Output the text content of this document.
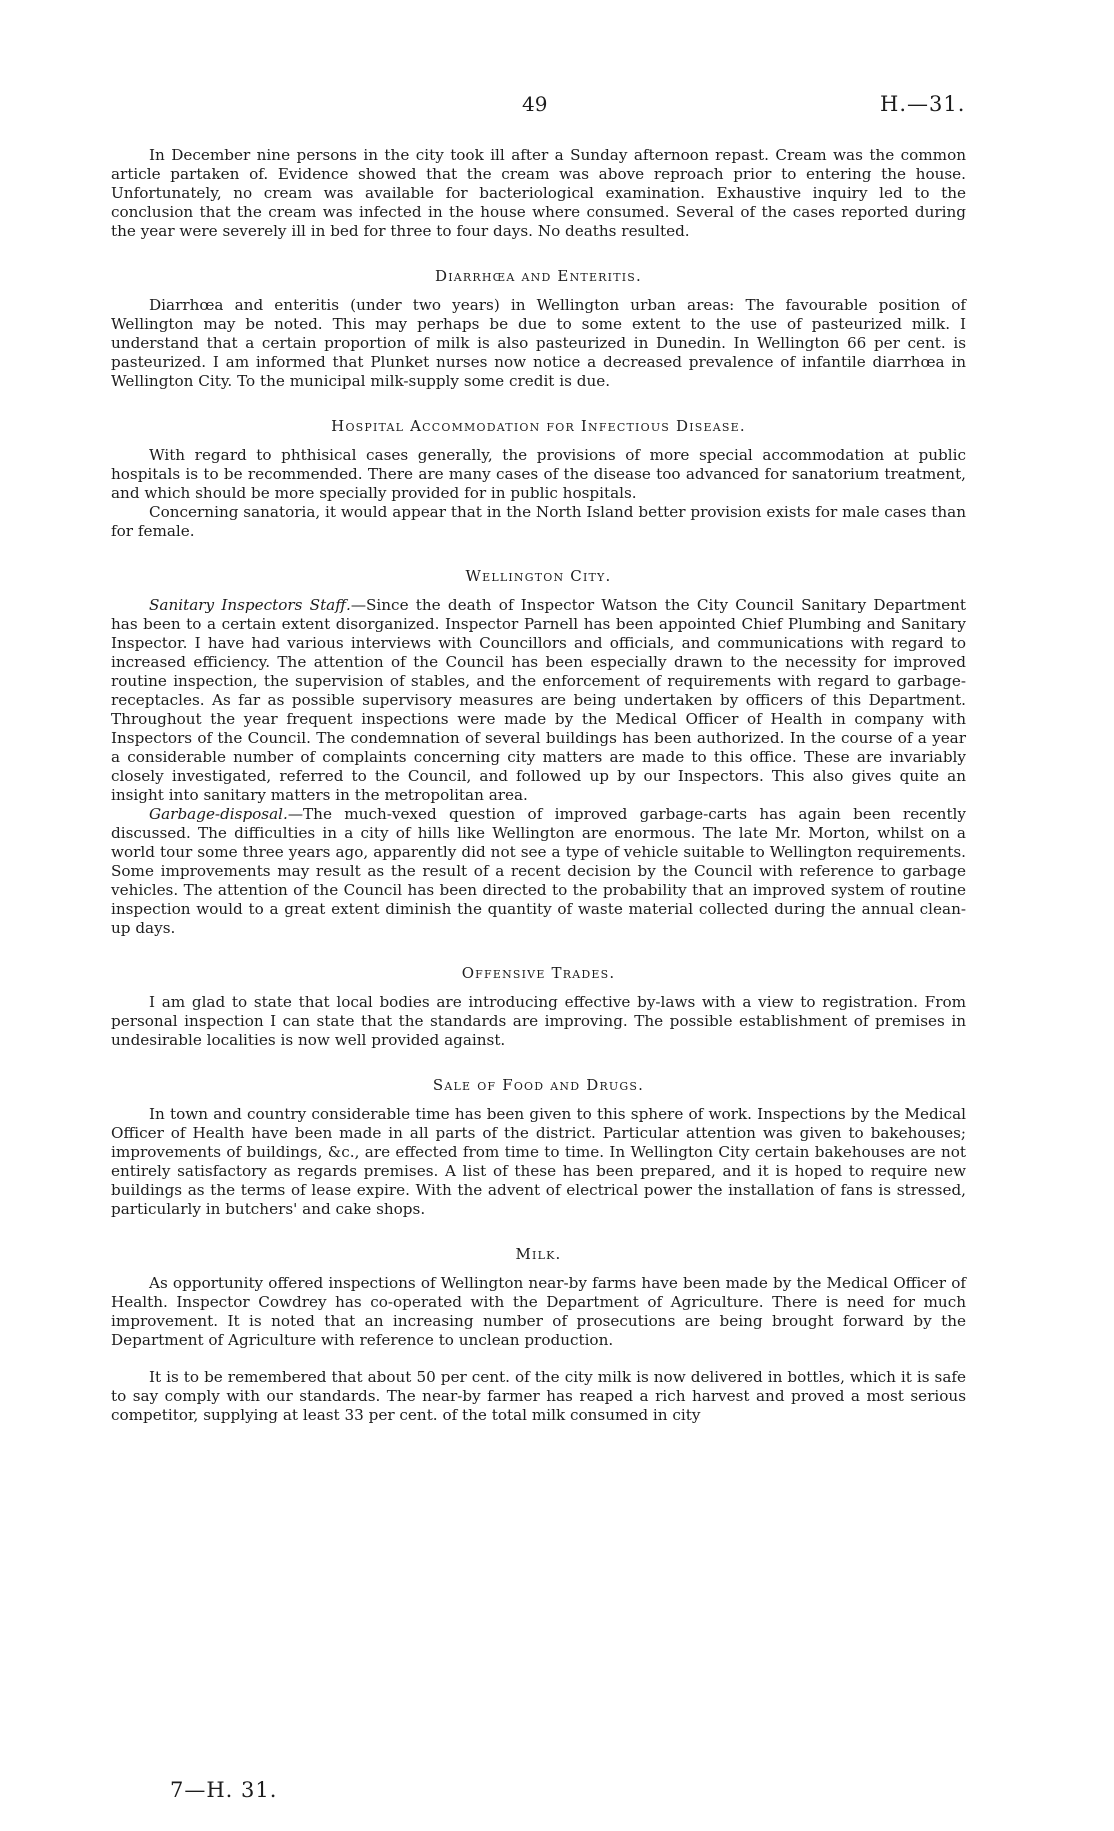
49	H.—31.

In December nine persons in the city took ill after a Sunday afternoon repast. Cream was the common article partaken of. Evidence showed that the cream was above reproach prior to entering the house. Unfortunately, no cream was available for bacteriological examination. Exhaustive inquiry led to the conclusion that the cream was infected in the house where consumed. Several of the cases reported during the year were severely ill in bed for three to four days. No deaths resulted.

Diarrhœa and Enteritis.

Diarrhœa and enteritis (under two years) in Wellington urban areas: The favourable position of Wellington may be noted. This may perhaps be due to some extent to the use of pasteurized milk. I understand that a certain proportion of milk is also pasteurized in Dunedin. In Wellington 66 per cent. is pasteurized. I am informed that Plunket nurses now notice a decreased prevalence of infantile diarrhœa in Wellington City. To the municipal milk-supply some credit is due.

Hospital Accommodation for Infectious Disease.

With regard to phthisical cases generally, the provisions of more special accommodation at public hospitals is to be recommended. There are many cases of the disease too advanced for sanatorium treatment, and which should be more specially provided for in public hospitals.

Concerning sanatoria, it would appear that in the North Island better provision exists for male cases than for female.

Wellington City.

Sanitary Inspectors Staff.—Since the death of Inspector Watson the City Council Sanitary Department has been to a certain extent disorganized. Inspector Parnell has been appointed Chief Plumbing and Sanitary Inspector. I have had various interviews with Councillors and officials, and communications with regard to increased efficiency. The attention of the Council has been especially drawn to the necessity for improved routine inspection, the supervision of stables, and the enforcement of requirements with regard to garbage-receptacles. As far as possible supervisory measures are being undertaken by officers of this Department. Throughout the year frequent inspections were made by the Medical Officer of Health in company with Inspectors of the Council. The condemnation of several buildings has been authorized. In the course of a year a considerable number of complaints concerning city matters are made to this office. These are invariably closely investigated, referred to the Council, and followed up by our Inspectors. This also gives quite an insight into sanitary matters in the metropolitan area.

Garbage-disposal.—The much-vexed question of improved garbage-carts has again been recently discussed. The difficulties in a city of hills like Wellington are enormous. The late Mr. Morton, whilst on a world tour some three years ago, apparently did not see a type of vehicle suitable to Wellington requirements. Some improvements may result as the result of a recent decision by the Council with reference to garbage vehicles. The attention of the Council has been directed to the probability that an improved system of routine inspection would to a great extent diminish the quantity of waste material collected during the annual clean-up days.

Offensive Trades.

I am glad to state that local bodies are introducing effective by-laws with a view to registration. From personal inspection I can state that the standards are improving. The possible establishment of premises in undesirable localities is now well provided against.

Sale of Food and Drugs.

In town and country considerable time has been given to this sphere of work. Inspections by the Medical Officer of Health have been made in all parts of the district. Particular attention was given to bakehouses; improvements of buildings, &c., are effected from time to time. In Wellington City certain bakehouses are not entirely satisfactory as regards premises. A list of these has been prepared, and it is hoped to require new buildings as the terms of lease expire. With the advent of electrical power the installation of fans is stressed, particularly in butchers' and cake shops.

Milk.

As opportunity offered inspections of Wellington near-by farms have been made by the Medical Officer of Health. Inspector Cowdrey has co-operated with the Department of Agriculture. There is need for much improvement. It is noted that an increasing number of prosecutions are being brought forward by the Department of Agriculture with reference to unclean production.

It is to be remembered that about 50 per cent. of the city milk is now delivered in bottles, which it is safe to say comply with our standards. The near-by farmer has reaped a rich harvest and proved a most serious competitor, supplying at least 33 per cent. of the total milk consumed in city

7—H. 31.
